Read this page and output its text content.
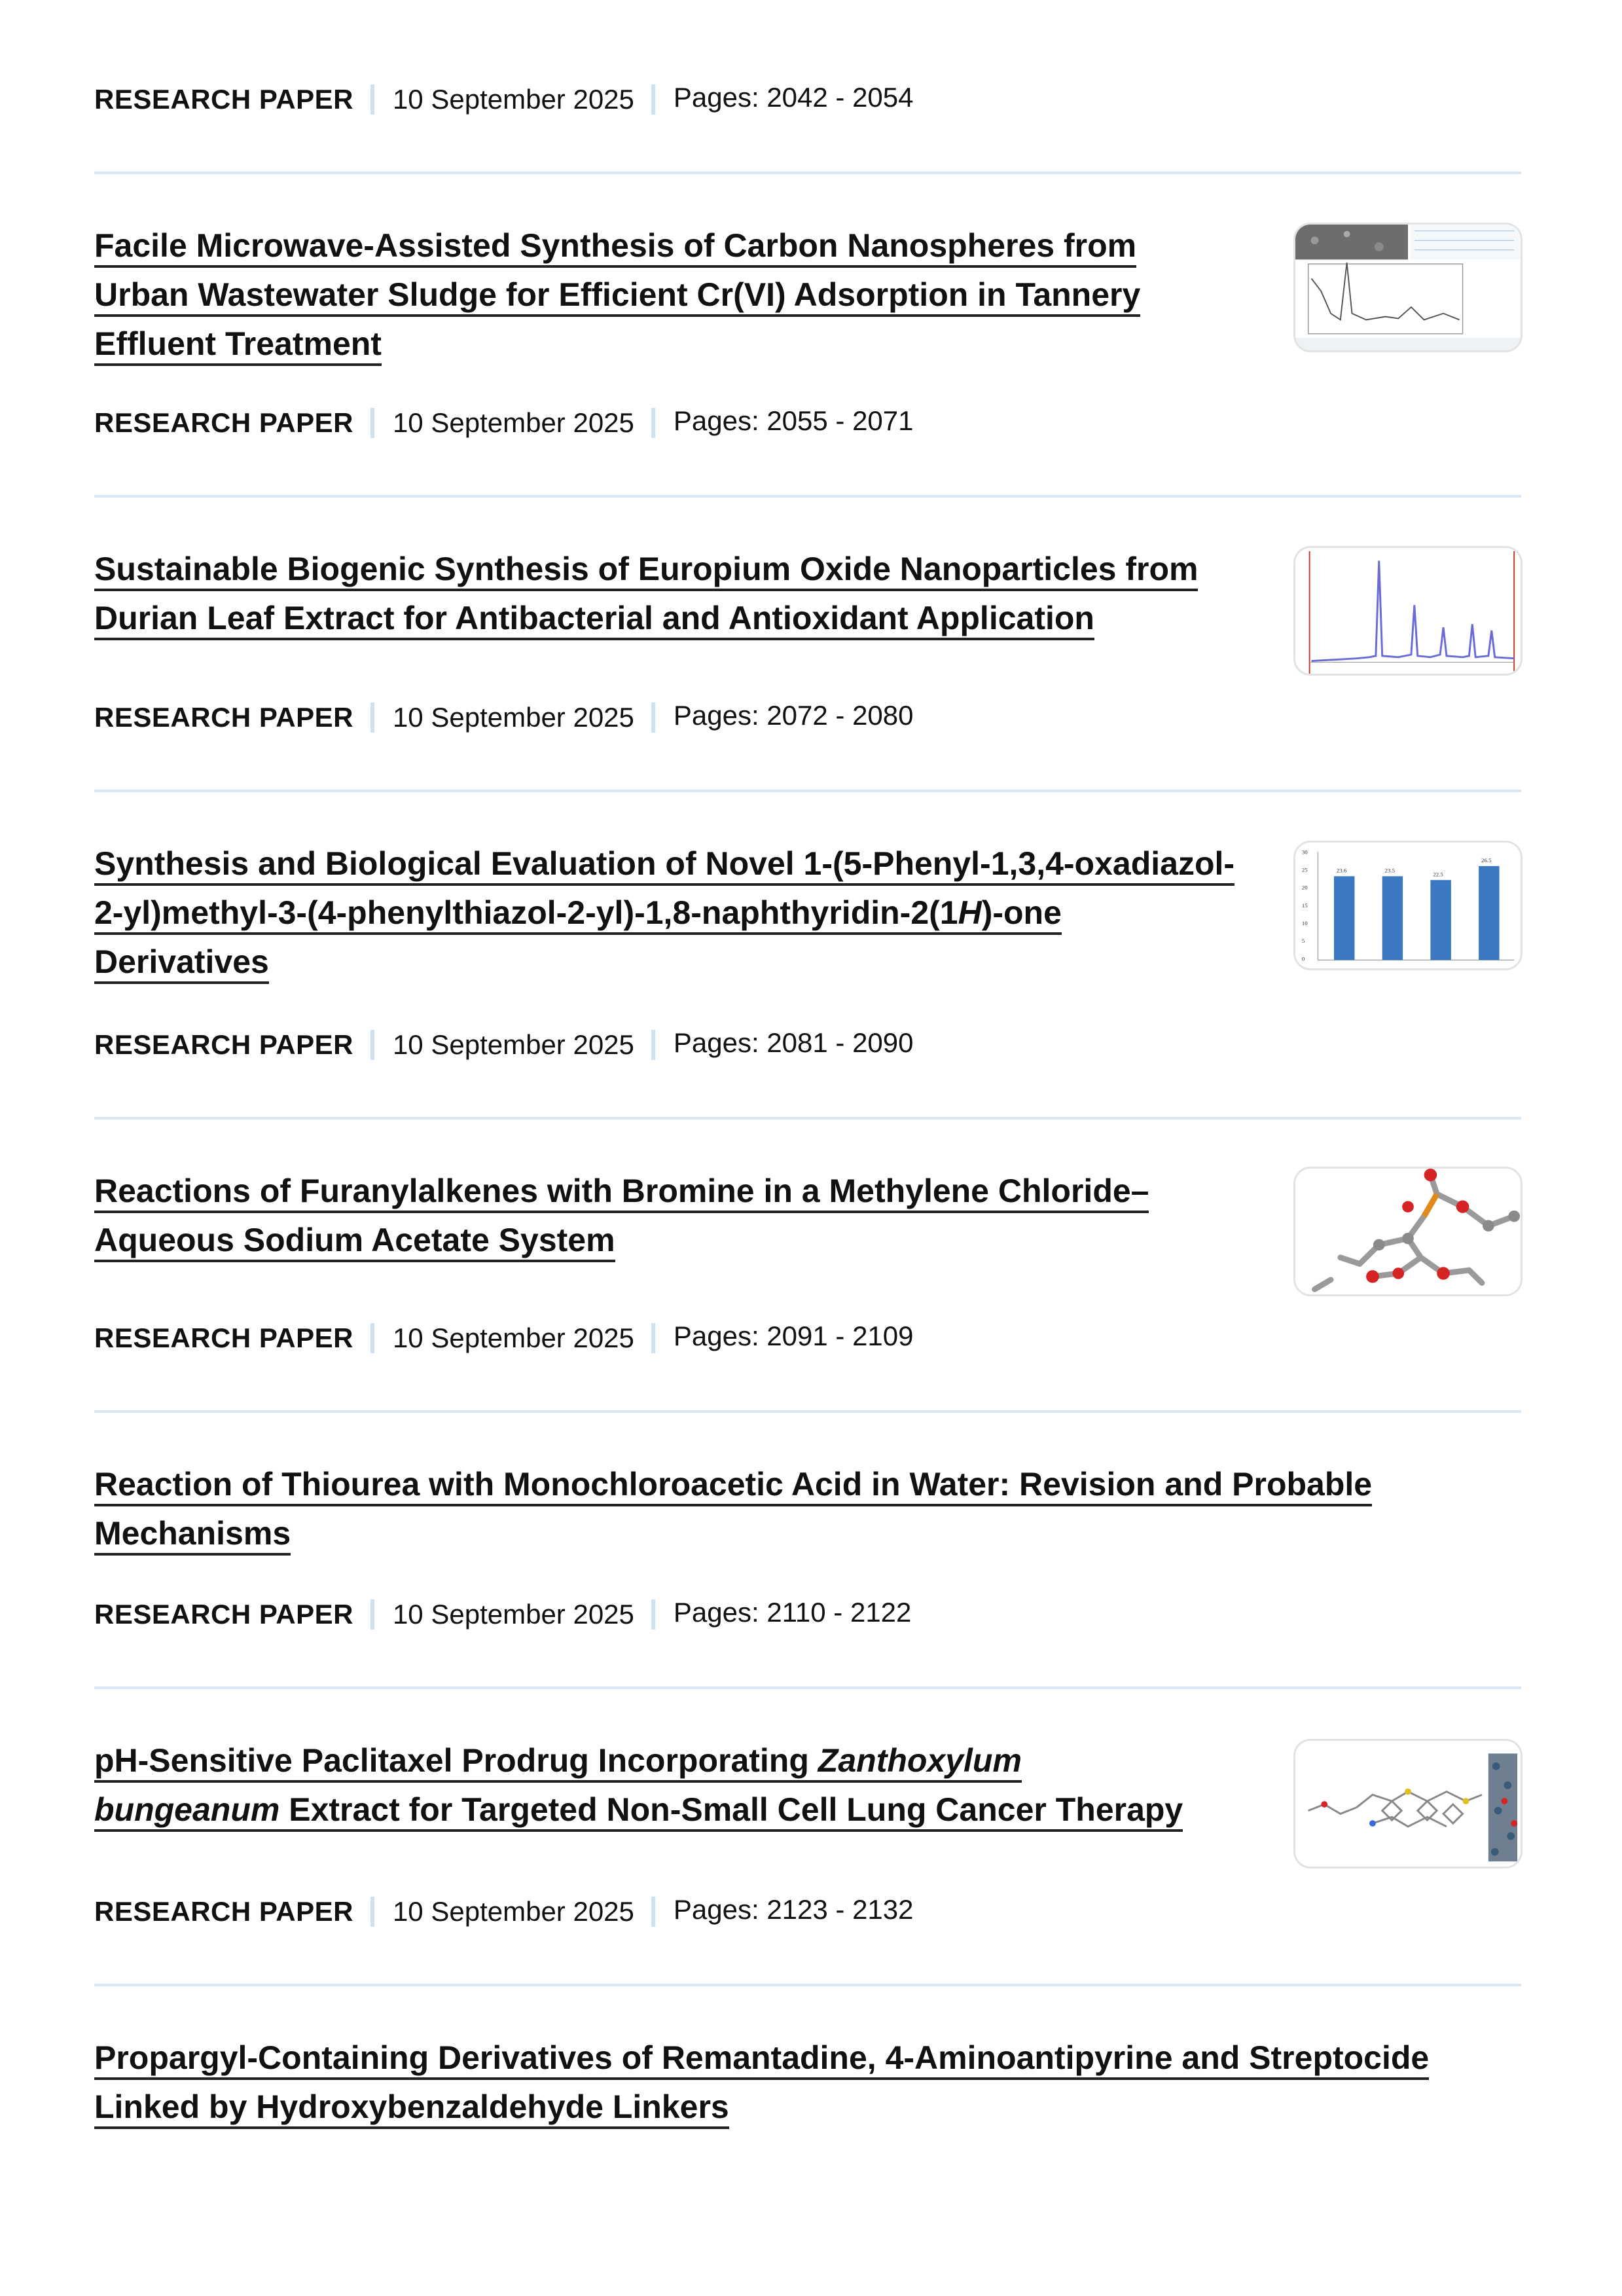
RESEARCH PAPER 10 September 2025 Pages: 2042 - 2054
Facile Microwave-Assisted Synthesis of Carbon Nanospheres from
Urban Wastewater Sludge for Efficient Cr(VI) Adsorption in Tannery
Effluent Treatment
RESEARCH PAPER 10 September 2025 Pages: 2055 - 2071
Sustainable Biogenic Synthesis of Europium Oxide Nanoparticles from
Durian Leaf Extract for Antibacterial and Antioxidant Application
RESEARCH PAPER 10 September 2025 Pages: 2072 - 2080
Synthesis and Biological Evaluation of Novel 1-(5-Phenyl-1,3,4-oxadiazol-
2-yl)methyl-3-(4-phenylthiazol-2-yl)-1,8-naphthyridin-2(1H)-one
Derivatives
30
25
20
15
10
5
0
23.6	23.5
22.5
26.5
RESEARCH PAPER 10 September 2025 Pages: 2081 - 2090
Reactions of Furanylalkenes with Bromine in a Methylene Chloride–
Aqueous Sodium Acetate System
RESEARCH PAPER 10 September 2025 Pages: 2091 - 2109
Reaction of Thiourea with Monochloroacetic Acid in Water: Revision and Probable
Mechanisms
RESEARCH PAPER 10 September 2025 Pages: 2110 - 2122
pH-Sensitive Paclitaxel Prodrug Incorporating Zanthoxylum
bungeanum Extract for Targeted Non-Small Cell Lung Cancer Therapy
RESEARCH PAPER 10 September 2025 Pages: 2123 - 2132
Propargyl-Containing Derivatives of Remantadine, 4-Aminoantipyrine and Streptocide
Linked by Hydroxybenzaldehyde Linkers
